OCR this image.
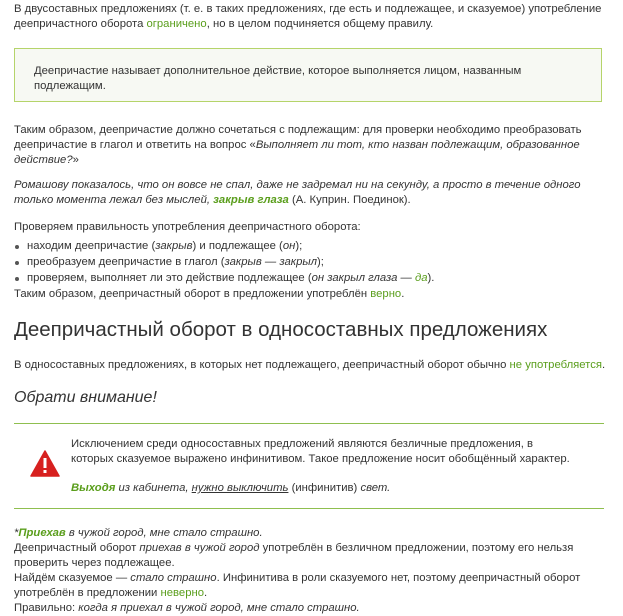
В двусоставных предложениях (т. е. в таких предложениях, где есть и подлежащее, и сказуемое) употребление деепричастного оборота ограничено, но в целом подчиняется общему правилу.

Деепричастие называет дополнительное действие, которое выполняется лицом, названным подлежащим.

Таким образом, деепричастие должно сочетаться с подлежащим: для проверки необходимо преобразовать деепричастие в глагол и ответить на вопрос «Выполняет ли тот, кто назван подлежащим, образованное действие?»

Ромашову показалось, что он вовсе не спал, даже не задремал ни на секунду, а просто в течение одного только момента лежал без мыслей, закрыв глаза (А. Куприн. Поединок).

Проверяем правильность употребления деепричастного оборота:

находим деепричастие (закрыв) и подлежащее (он);
преобразуем деепричастие в глагол (закрыв — закрыл);
проверяем, выполняет ли это действие подлежащее (он закрыл глаза — да).

Таким образом, деепричастный оборот в предложении употреблён верно.

Деепричастный оборот в односоставных предложениях

В односоставных предложениях, в которых нет подлежащего, деепричастный оборот обычно не употребляется.

Обрати внимание!

Исключением среди односоставных предложений являются безличные предложения, в которых сказуемое выражено инфинитивом. Такое предложение носит обобщённый характер.

Выходя из кабинета, нужно выключить (инфинитив) свет.

*Приехав в чужой город, мне стало страшно.

Деепричастный оборот приехав в чужой город употреблён в безличном предложении, поэтому его нельзя проверить через подлежащее.

Найдём сказуемое — стало страшно. Инфинитива в роли сказуемого нет, поэтому деепричастный оборот употреблён в предложении неверно.

Правильно: когда я приехал в чужой город, мне стало страшно.
